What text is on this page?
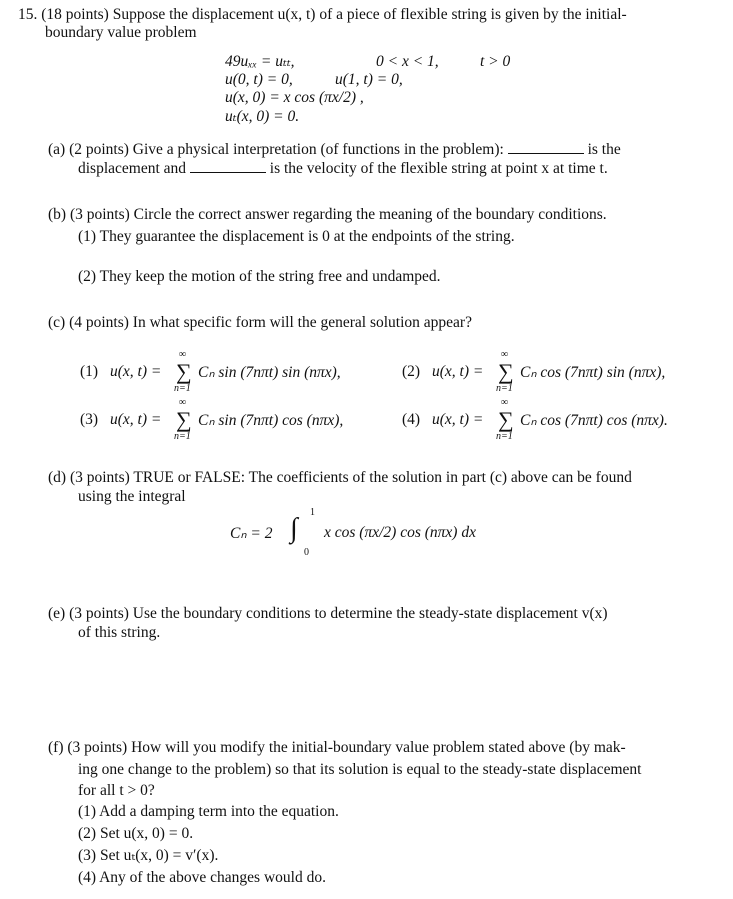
15. (18 points) Suppose the displacement u(x, t) of a piece of flexible string is given by the initial-
boundary value problem
49uₓₓ = uₜₜ,	0 < x < 1,	t > 0
u(0, t) = 0,	u(1, t) = 0,
u(x, 0) = x cos (πx/2) ,
uₜ(x, 0) = 0.
(a) (2 points) Give a physical interpretation (of functions in the problem):	is the
displacement and	is the velocity of the flexible string at point x at time t.
(b) (3 points) Circle the correct answer regarding the meaning of the boundary conditions.
(1) They guarantee the displacement is 0 at the endpoints of the string.
(2) They keep the motion of the string free and undamped.
(c) (4 points) In what specific form will the general solution appear?
(1) u(x, t) =
∞
∑
n=1
Cₙ sin (7nπt) sin (nπx),	(2) u(x, t) =
∞
∑
n=1
Cₙ cos (7nπt) sin (nπx),
(3) u(x, t) =
∞
∑
n=1
Cₙ sin (7nπt) cos (nπx),	(4) u(x, t) =
∞
∑
n=1
Cₙ cos (7nπt) cos (nπx).
(d) (3 points) TRUE or FALSE: The coefficients of the solution in part (c) above can be found
using the integral
Cₙ = 2 ∫
1
0
x cos (πx/2) cos (nπx) dx
(e) (3 points) Use the boundary conditions to determine the steady-state displacement v(x)
of this string.
(f) (3 points) How will you modify the initial-boundary value problem stated above (by mak-
ing one change to the problem) so that its solution is equal to the steady-state displacement
for all t > 0?
(1) Add a damping term into the equation.
(2) Set u(x, 0) = 0.
(3) Set uₜ(x, 0) = v′(x).
(4) Any of the above changes would do.
